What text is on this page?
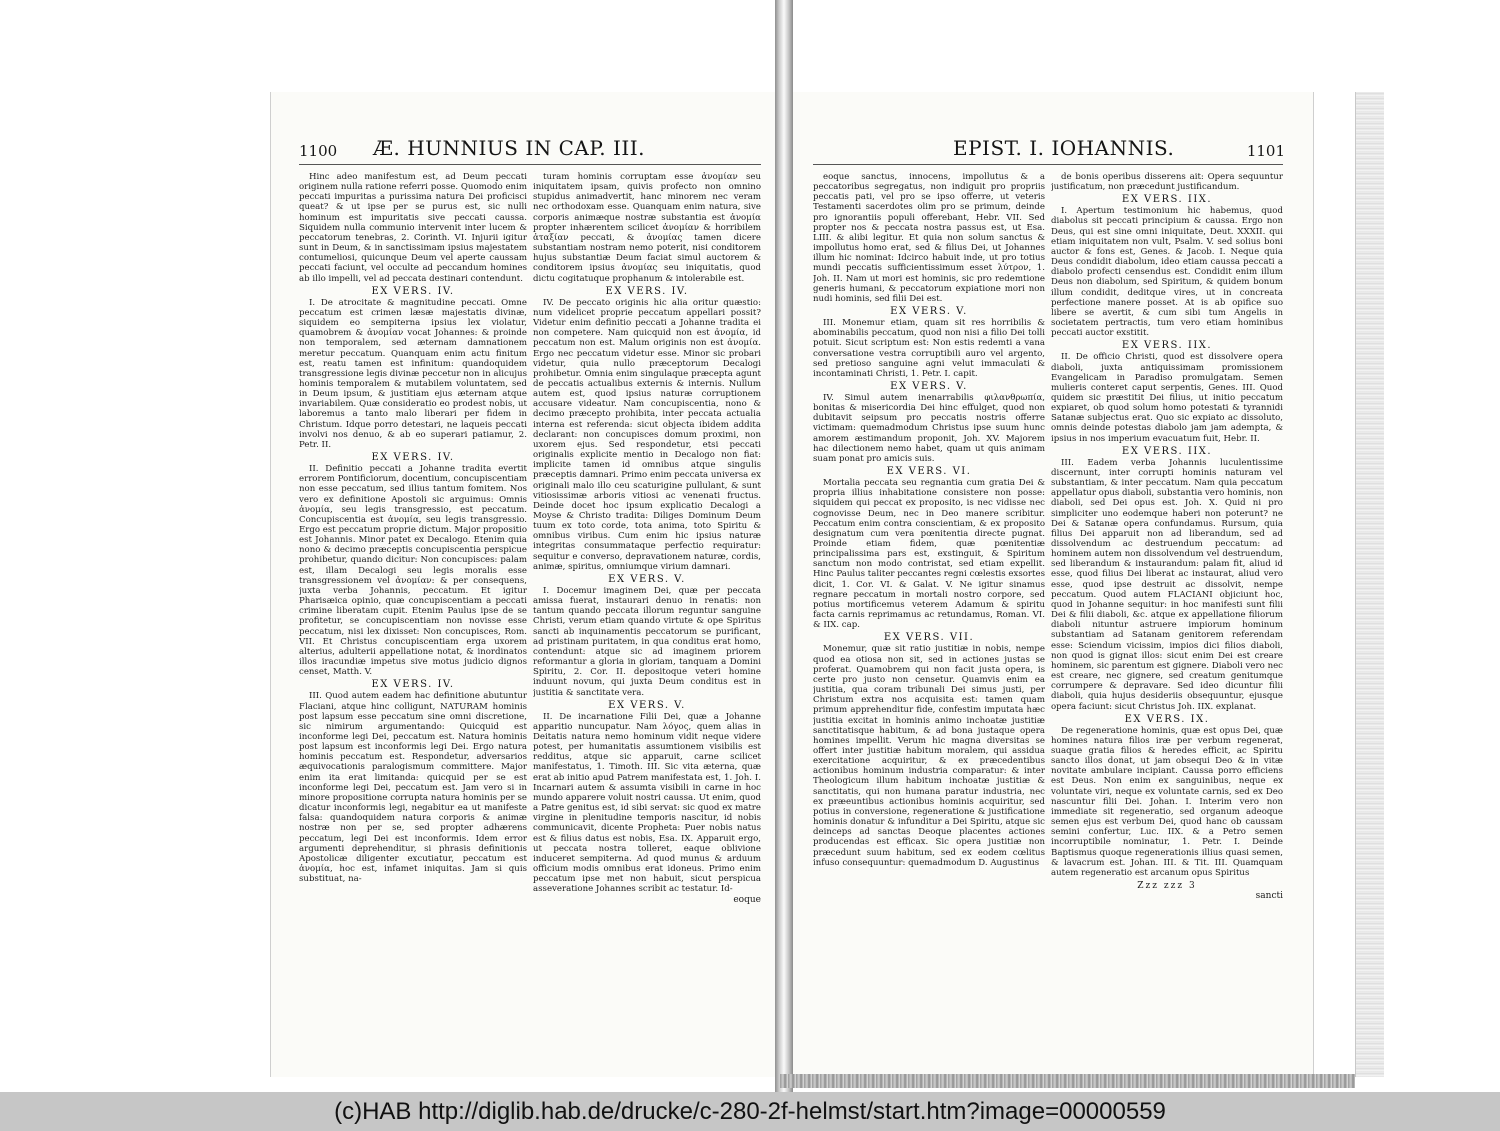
1100 Æ. HUNNIUS IN CAP. III.

Hinc adeo manifestum est, ad Deum peccati originem nulla ratione referri posse. Quomodo enim peccati impuritas a purissima natura Dei proficisci queat? & ut ipse per se purus est, sic nulli hominum est impuritatis sive peccati caussa. Siquidem nulla communio intervenit inter lucem & peccatorum tenebras, 2. Corinth. VI. Injurii igitur sunt in Deum, & in sanctissimam ipsius majestatem contumeliosi, quicunque Deum vel aperte caussam peccati faciunt, vel occulte ad peccandum homines ab illo impelli, vel ad peccata destinari contendunt.

EX VERS. IV.

I. De atrocitate & magnitudine peccati. Omne peccatum est crimen læsæ majestatis divinæ, siquidem eo sempiterna ipsius lex violatur, quamobrem & ἀνομίαν vocat Johannes: & proinde non temporalem, sed æternam damnationem meretur peccatum. Quanquam enim actu finitum est, reatu tamen est infinitum: quandoquidem transgressione legis divinæ peccetur non in alicujus hominis temporalem & mutabilem voluntatem, sed in Deum ipsum, & justitiam ejus æternam atque invariabilem. Quæ consideratio eo prodest nobis, ut laboremus a tanto malo liberari per fidem in Christum. Idque porro detestari, ne laqueis peccati involvi nos denuo, & ab eo superari patiamur, 2. Petr. II.

EX VERS. IV.

II. Definitio peccati a Johanne tradita evertit errorem Pontificiorum, docentium, concupiscentiam non esse peccatum, sed illius tantum fomitem. Nos vero ex definitione Apostoli sic arguimus: Omnis ἀνομία, seu legis transgressio, est peccatum. Concupiscentia est ἀνομία, seu legis transgressio. Ergo est peccatum proprie dictum. Major propositio est Johannis. Minor patet ex Decalogo. Etenim quia nono & decimo præceptis concupiscentia perspicue prohibetur, quando dicitur: Non concupisces: palam est, illam Decalogi seu legis moralis esse transgressionem vel ἀνομίαν: & per consequens, juxta verba Johannis, peccatum. Et igitur Pharisæica opinio, quæ concupiscentiam a peccati crimine liberatam cupit. Etenim Paulus ipse de se profitetur, se concupiscentiam non novisse esse peccatum, nisi lex dixisset: Non concupisces, Rom. VII. Et Christus concupiscentiam erga uxorem alterius, adulterii appellatione notat, & inordinatos illos iracundiæ impetus sive motus judicio dignos censet, Matth. V.

EX VERS. IV.

III. Quod autem eadem hac definitione abutuntur Flaciani, atque hinc colligunt, NATURAM hominis post lapsum esse peccatum sine omni discretione, sic nimirum argumentando: Quicquid est inconforme legi Dei, peccatum est. Natura hominis post lapsum est inconformis legi Dei. Ergo natura hominis peccatum est. Respondetur, adversarios æquivocationis paralogismum committere. Major enim ita erat limitanda: quicquid per se est inconforme legi Dei, peccatum est. Jam vero si in minore propositione corrupta natura hominis per se dicatur inconformis legi, negabitur ea ut manifeste falsa: quandoquidem natura corporis & animæ nostræ non per se, sed propter adhærens peccatum, legi Dei est inconformis. Idem error argumenti deprehenditur, si phrasis definitionis Apostolicæ diligenter excutiatur, peccatum est ἀνομία, hoc est, infamet iniquitas. Jam si quis substituat, na-

turam hominis corruptam esse ἀνομίαν seu iniquitatem ipsam, quivis profecto non omnino stupidus animadvertit, hanc minorem nec veram nec orthodoxam esse. Quanquam enim natura, sive corporis animæque nostræ substantia est ἀνομία propter inhærentem scilicet ἀνομίαν & horribilem ἀταξίαν peccati, & ἀνομίας tamen dicere substantiam nostram nemo poterit, nisi conditorem hujus substantiæ Deum faciat simul auctorem & conditorem ipsius ἀνομίας seu iniquitatis, quod dictu cogitatuque prophanum & intolerabile est.

EX VERS. IV.

IV. De peccato originis hic alia oritur quæstio: num videlicet proprie peccatum appellari possit? Videtur enim definitio peccati a Johanne tradita ei non competere. Nam quicquid non est ἀνομία, id peccatum non est. Malum originis non est ἀνομία. Ergo nec peccatum videtur esse. Minor sic probari videtur, quia nullo præceptorum Decalogi prohibetur. Omnia enim singulaque præcepta agunt de peccatis actualibus externis & internis. Nullum autem est, quod ipsius naturæ corruptionem accusare videatur. Nam concupiscentia, nono & decimo præcepto prohibita, inter peccata actualia interna est referenda: sicut objecta ibidem addita declarant: non concupisces domum proximi, non uxorem ejus. Sed respondetur, etsi peccati originalis explicite mentio in Decalogo non fiat: implicite tamen id omnibus atque singulis præceptis damnari. Primo enim peccata universa ex originali malo illo ceu scaturigine pullulant, & sunt vitiosissimæ arboris vitiosi ac venenati fructus. Deinde docet hoc ipsum explicatio Decalogi a Moyse & Christo tradita: Diliges Dominum Deum tuum ex toto corde, tota anima, toto Spiritu & omnibus viribus. Cum enim hic ipsius naturæ integritas consummataque perfectio requiratur: sequitur e converso, depravationem naturæ, cordis, animæ, spiritus, omniumque virium damnari.

EX VERS. V.

I. Docemur imaginem Dei, quæ per peccata amissa fuerat, instaurari denuo in renatis: non tantum quando peccata illorum reguntur sanguine Christi, verum etiam quando virtute & ope Spiritus sancti ab inquinamentis peccatorum se purificant, ad pristinam puritatem, in qua conditus erat homo, contendunt: atque sic ad imaginem priorem reformantur a gloria in gloriam, tanquam a Domini Spiritu, 2. Cor. II. depositoque veteri homine induunt novum, qui juxta Deum conditus est in justitia & sanctitate vera.

EX VERS. V.

II. De incarnatione Filii Dei, quæ a Johanne apparitio nuncupatur. Nam λόγος, quem alias in Deitatis natura nemo hominum vidit neque videre potest, per humanitatis assumtionem visibilis est redditus, atque sic apparuit, carne scilicet manifestatus, 1. Timoth. III. Sic vita æterna, quæ erat ab initio apud Patrem manifestata est, 1. Joh. I. Incarnari autem & assumta visibili in carne in hoc mundo apparere voluit nostri caussa. Ut enim, quod a Patre genitus est, id sibi servat: sic quod ex matre virgine in plenitudine temporis nascitur, id nobis communicavit, dicente Propheta: Puer nobis natus est & filius datus est nobis, Esa. IX. Apparuit ergo, ut peccata nostra tolleret, eaque oblivione induceret sempiterna. Ad quod munus & arduum officium modis omnibus erat idoneus. Primo enim peccatum ipse met non habuit, sicut perspicua asseveratione Johannes scribit ac testatur. Id-

eoque
EPIST. I. IOHANNIS.	1101

eoque sanctus, innocens, impollutus & a peccatoribus segregatus, non indiguit pro propriis peccatis pati, vel pro se ipso offerre, ut veteris Testamenti sacerdotes olim pro se primum, deinde pro ignorantiis populi offerebant, Hebr. VII. Sed propter nos & peccata nostra passus est, ut Esa. LIII. & alibi legitur. Et quia non solum sanctus & impollutus homo erat, sed & filius Dei, ut Johannes illum hic nominat: Idcirco habuit inde, ut pro totius mundi peccatis sufficientissimum esset λύτρον, 1. Joh. II. Nam ut mori est hominis, sic pro redemtione generis humani, & peccatorum expiatione mori non nudi hominis, sed filii Dei est.

EX VERS. V.

III. Monemur etiam, quam sit res horribilis & abominabilis peccatum, quod non nisi a filio Dei tolli potuit. Sicut scriptum est: Non estis redemti a vana conversatione vestra corruptibili auro vel argento, sed pretioso sanguine agni velut immaculati & incontaminati Christi, 1. Petr. I. capit.

EX VERS. V.

IV. Simul autem inenarrabilis φιλανθρωπία, bonitas & misericordia Dei hinc effulget, quod non dubitavit seipsum pro peccatis nostris offerre victimam: quemadmodum Christus ipse suum hunc amorem æstimandum proponit, Joh. XV. Majorem hac dilectionem nemo habet, quam ut quis animam suam ponat pro amicis suis.

EX VERS. VI.

Mortalia peccata seu regnantia cum gratia Dei & propria illius inhabitatione consistere non posse: siquidem qui peccat ex proposito, is nec vidisse nec cognovisse Deum, nec in Deo manere scribitur. Peccatum enim contra conscientiam, & ex proposito designatum cum vera pœnitentia directe pugnat. Proinde etiam fidem, quæ pœnitentiæ principalissima pars est, exstinguit, & Spiritum sanctum non modo contristat, sed etiam expellit. Hinc Paulus taliter peccantes regni cœlestis exsortes dicit, 1. Cor. VI. & Galat. V. Ne igitur sinamus regnare peccatum in mortali nostro corpore, sed potius mortificemus veterem Adamum & spiritu facta carnis reprimamus ac retundamus, Roman. VI. & IIX. cap.

EX VERS. VII.

Monemur, quæ sit ratio justitiæ in nobis, nempe quod ea otiosa non sit, sed in actiones justas se proferat. Quamobrem qui non facit justa opera, is certe pro justo non censetur. Quamvis enim ea justitia, qua coram tribunali Dei simus justi, per Christum extra nos acquisita est: tamen quam primum apprehenditur fide, confestim imputata hæc justitia excitat in hominis animo inchoatæ justitiæ sanctitatisque habitum, & ad bona justaque opera homines impellit. Verum hic magna diversitas se offert inter justitiæ habitum moralem, qui assidua exercitatione acquiritur, & ex præcedentibus actionibus hominum industria comparatur: & inter Theologicum illum habitum inchoatæ justitiæ & sanctitatis, qui non humana paratur industria, nec ex præeuntibus actionibus hominis acquiritur, sed potius in conversione, regeneratione & justificatione hominis donatur & infunditur a Dei Spiritu, atque sic deinceps ad sanctas Deoque placentes actiones producendas est efficax. Sic opera justitiæ non præcedunt suum habitum, sed ex eodem cœlitus infuso consequuntur: quemadmodum D. Augustinus

de bonis operibus disserens ait: Opera sequuntur justificatum, non præcedunt justificandum.

EX VERS. IIX.

I. Apertum testimonium hic habemus, quod diabolus sit peccati principium & caussa. Ergo non Deus, qui est sine omni iniquitate, Deut. XXXII. qui etiam iniquitatem non vult, Psalm. V. sed solius boni auctor & fons est, Genes. & Jacob. I. Neque quia Deus condidit diabolum, ideo etiam caussa peccati a diabolo profecti censendus est. Condidit enim illum Deus non diabolum, sed Spiritum, & quidem bonum illum condidit, deditque vires, ut in concreata perfectione manere posset. At is ab opifice suo libere se avertit, & cum sibi tum Angelis in societatem pertractis, tum vero etiam hominibus peccati auctor exstitit.

EX VERS. IIX.

II. De officio Christi, quod est dissolvere opera diaboli, juxta antiquissimam promissionem Evangelicam in Paradiso promulgatam. Semen mulieris conteret caput serpentis, Genes. III. Quod quidem sic præstitit Dei filius, ut initio peccatum expiaret, ob quod solum homo potestati & tyrannidi Satanæ subjectus erat. Quo sic expiato ac dissoluto, omnis deinde potestas diabolo jam jam adempta, & ipsius in nos imperium evacuatum fuit, Hebr. II.

EX VERS. IIX.

III. Eadem verba Johannis luculentissime discernunt, inter corrupti hominis naturam vel substantiam, & inter peccatum. Nam quia peccatum appellatur opus diaboli, substantia vero hominis, non diaboli, sed Dei opus est. Joh. X. Quid ni pro simpliciter uno eodemque haberi non poterunt? ne Dei & Satanæ opera confundamus. Rursum, quia filius Dei apparuit non ad liberandum, sed ad dissolvendum ac destruendum peccatum: ad hominem autem non dissolvendum vel destruendum, sed liberandum & instaurandum: palam fit, aliud id esse, quod filius Dei liberat ac instaurat, aliud vero esse, quod ipse destruit ac dissolvit, nempe peccatum. Quod autem FLACIANI objiciunt hoc, quod in Johanne sequitur: in hoc manifesti sunt filii Dei & filii diaboli, &c. atque ex appellatione filiorum diaboli nituntur astruere impiorum hominum substantiam ad Satanam genitorem referendam esse: Sciendum vicissim, impios dici filios diaboli, non quod is gignat illos: sicut enim Dei est creare hominem, sic parentum est gignere. Diaboli vero nec est creare, nec gignere, sed creatum genitumque corrumpere & depravare. Sed ideo dicuntur filii diaboli, quia hujus desideriis obsequuntur, ejusque opera faciunt: sicut Christus Joh. IIX. explanat.

EX VERS. IX.

De regeneratione hominis, quæ est opus Dei, quæ homines natura filios iræ per verbum regenerat, suaque gratia filios & heredes efficit, ac Spiritu sancto illos donat, ut jam obsequi Deo & in vitæ novitate ambulare incipiant. Caussa porro efficiens est Deus. Non enim ex sanguinibus, neque ex voluntate viri, neque ex voluntate carnis, sed ex Deo nascuntur filii Dei. Johan. I. Interim vero non immediate sit regeneratio, sed organum adeoque semen ejus est verbum Dei, quod hanc ob caussam semini confertur, Luc. IIX. & a Petro semen incorruptibile nominatur, 1. Petr. I. Deinde Baptismus quoque regenerationis illius quasi semen, & lavacrum est. Johan. III. & Tit. III. Quamquam autem regeneratio est arcanum opus Spiritus

Zzz zzz 3
sancti
(c)HAB http://diglib.hab.de/drucke/c-280-2f-helmst/start.htm?image=00000559
